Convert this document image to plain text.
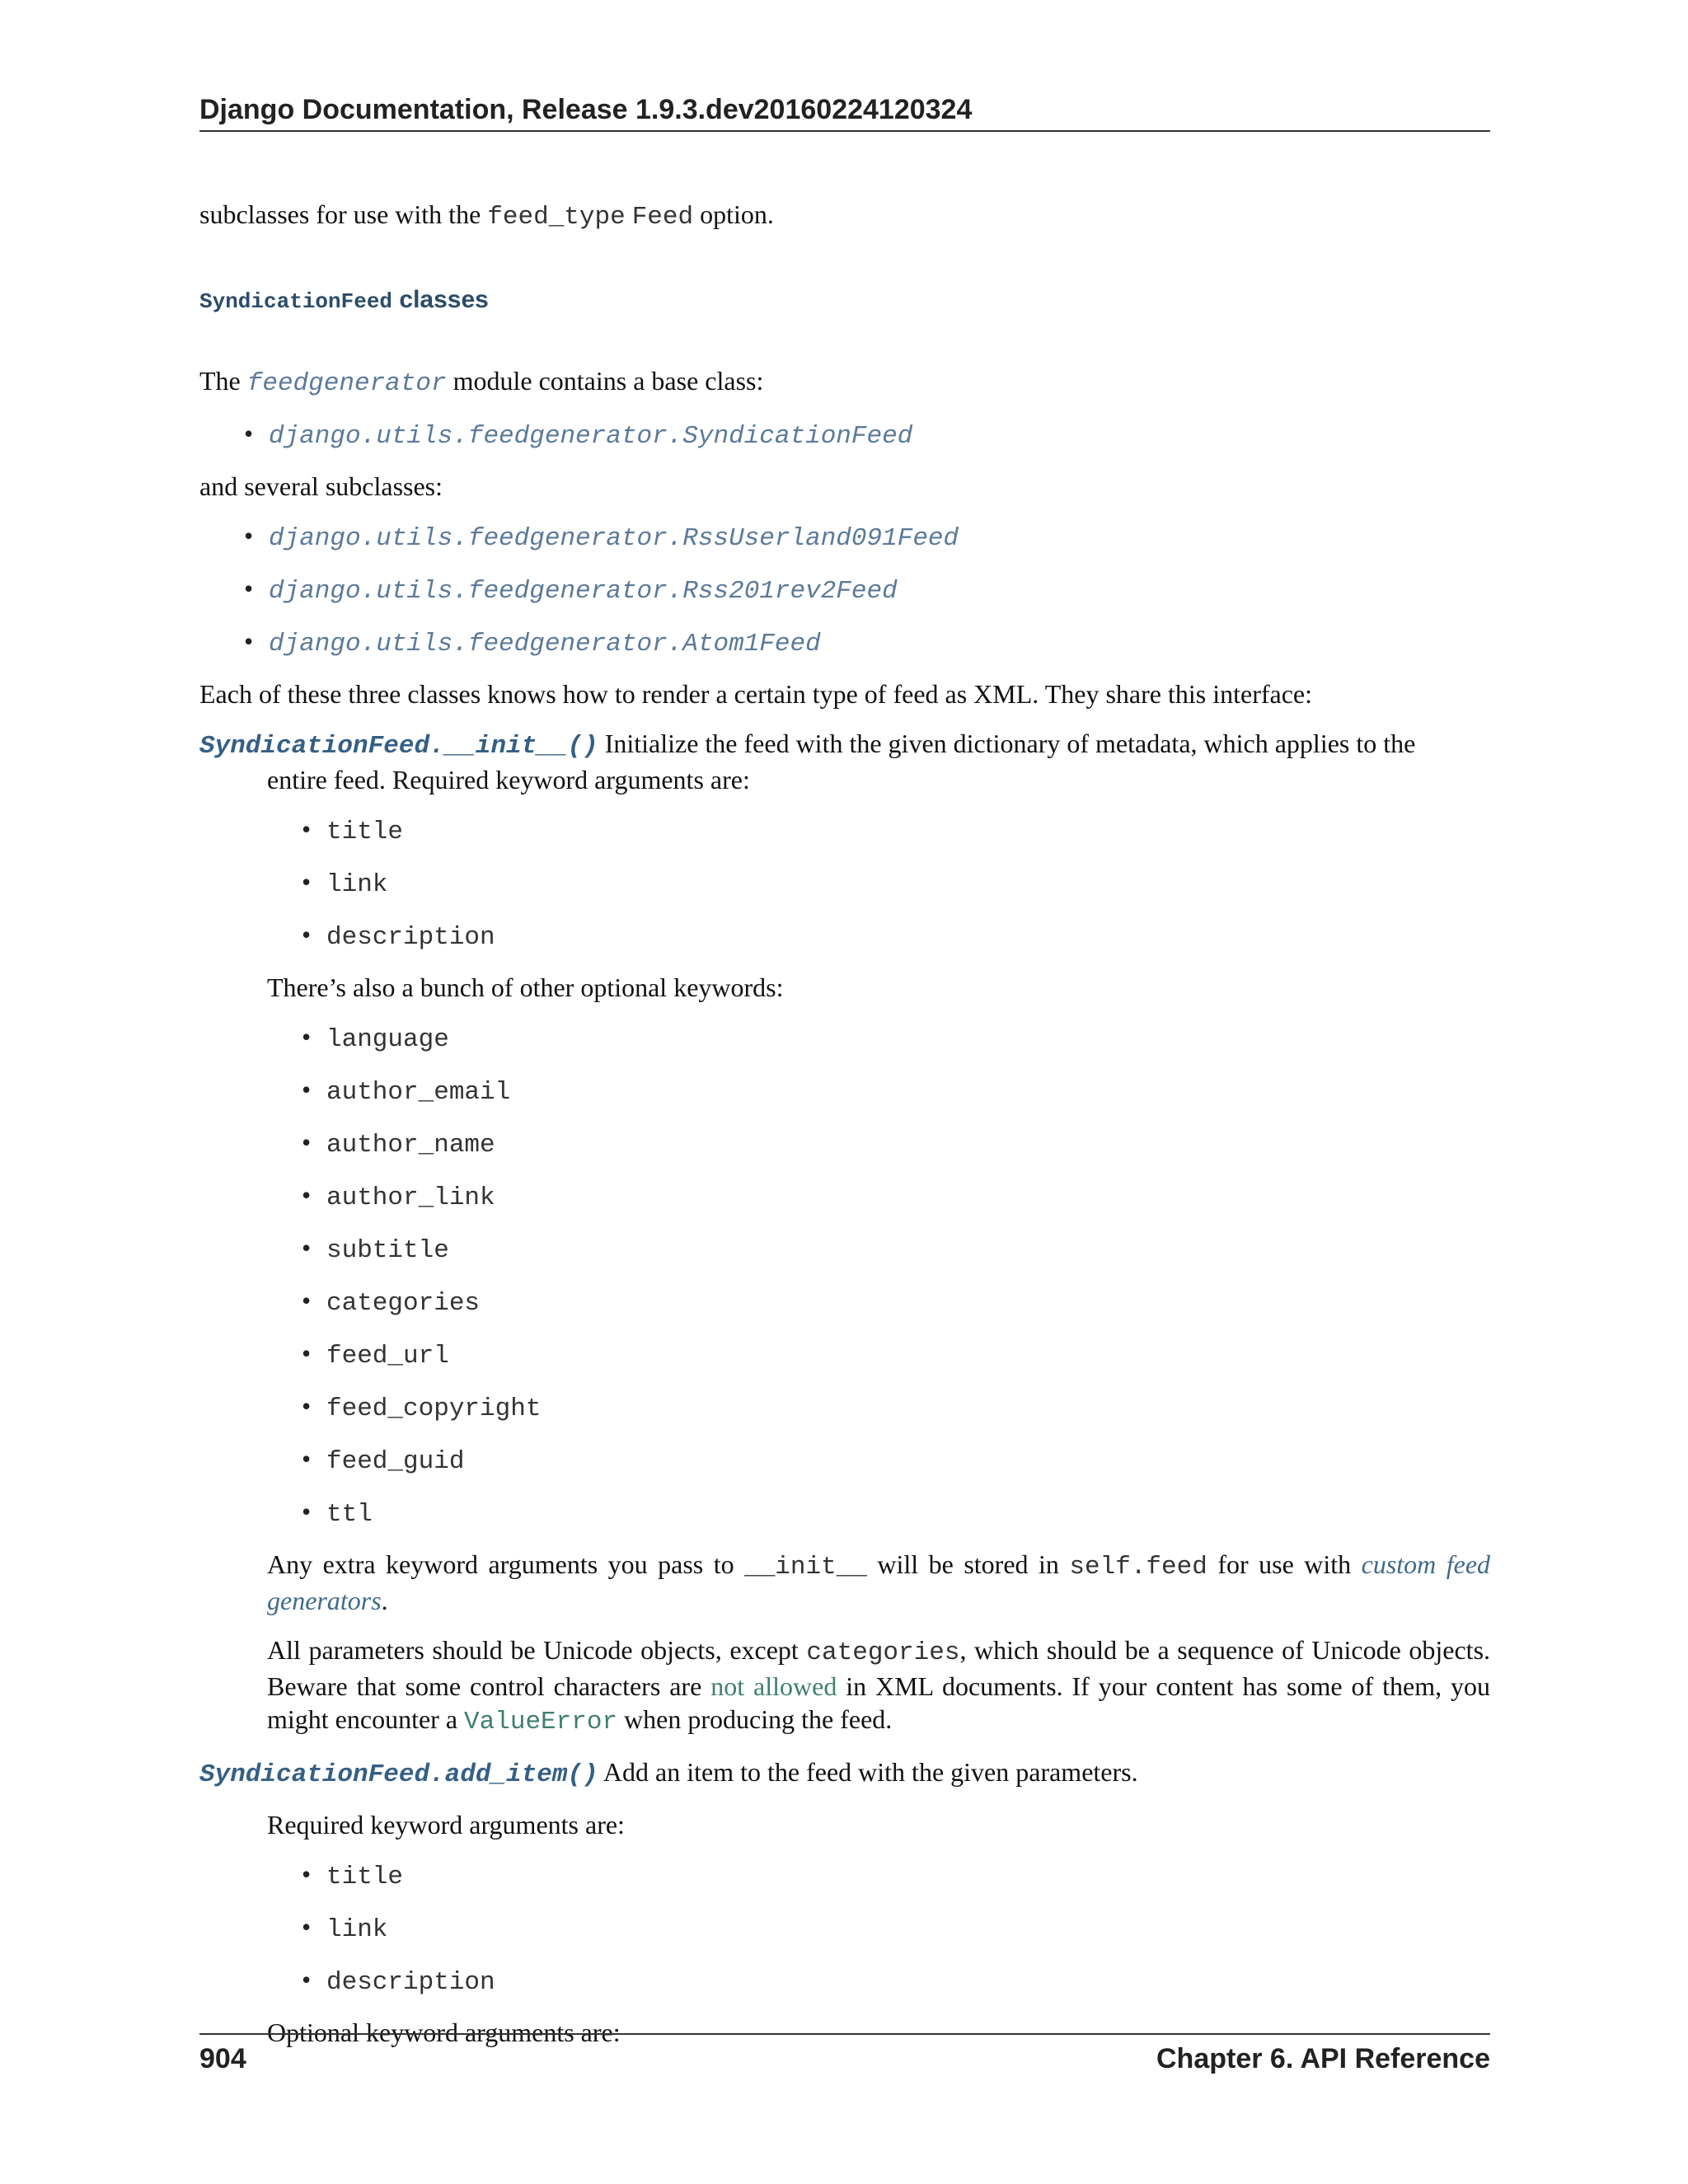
Django Documentation, Release 1.9.3.dev20160224120324

subclasses for use with the feed_type Feed option.

SyndicationFeed classes

The feedgenerator module contains a base class:

• django.utils.feedgenerator.SyndicationFeed

and several subclasses:

• django.utils.feedgenerator.RssUserland091Feed
• django.utils.feedgenerator.Rss201rev2Feed
• django.utils.feedgenerator.Atom1Feed

Each of these three classes knows how to render a certain type of feed as XML. They share this interface:

SyndicationFeed.__init__() Initialize the feed with the given dictionary of metadata, which applies to the

entire feed. Required keyword arguments are:

• title
• link
• description

There’s also a bunch of other optional keywords:

• language
• author_email
• author_name
• author_link
• subtitle
• categories
• feed_url
• feed_copyright
• feed_guid
• ttl

Any extra keyword arguments you pass to __init__ will be stored in self.feed for use with custom feed generators.

All parameters should be Unicode objects, except categories, which should be a sequence of Unicode objects. Beware that some control characters are not allowed in XML documents. If your content has some of them, you might encounter a ValueError when producing the feed.

SyndicationFeed.add_item() Add an item to the feed with the given parameters.

Required keyword arguments are:

• title
• link
• description

Optional keyword arguments are:

904	Chapter 6. API Reference
